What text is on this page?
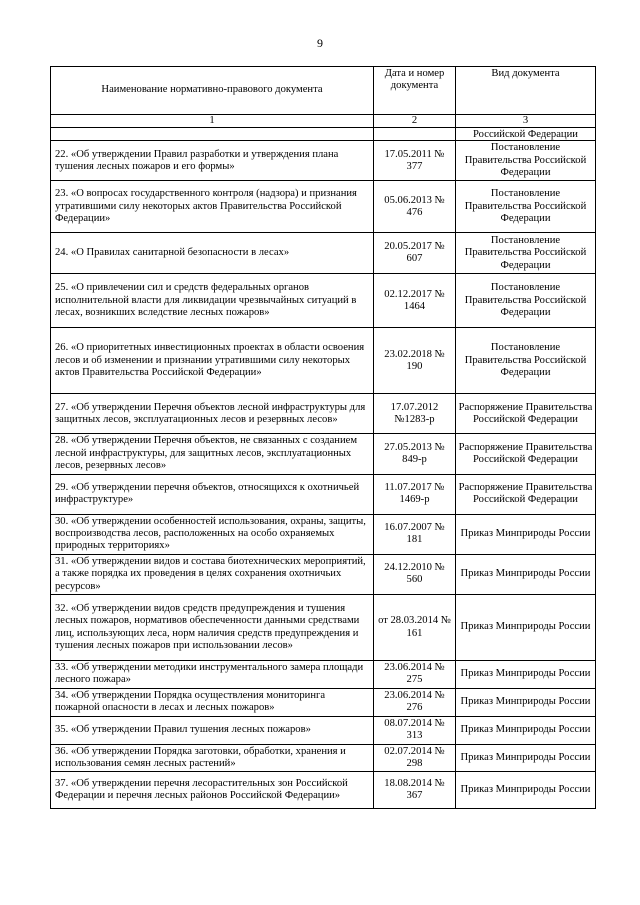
9
Наименование нормативно-правового документа	Дата и номер документа	Вид документа
1	2	3
		Российской Федерации
22. «Об утверждении Правил разработки и утверждения плана тушения лесных пожаров и его формы»	17.05.2011 № 377	Постановление Правительства Российской Федерации
23. «О вопросах государственного контроля (надзора) и признания утратившими силу некоторых актов Правительства Российской Федерации»	05.06.2013 № 476	Постановление Правительства Российской Федерации
24. «О Правилах санитарной безопасности в лесах»	20.05.2017 № 607	Постановление Правительства Российской Федерации
25. «О привлечении сил и средств федеральных органов исполнительной власти для ликвидации чрезвычайных ситуаций в лесах, возникших вследствие лесных пожаров»	02.12.2017 № 1464	Постановление Правительства Российской Федерации
26. «О приоритетных инвестиционных проектах в области освоения лесов и об изменении и признании утратившими силу некоторых актов Правительства Российской Федерации»	23.02.2018 № 190	Постановление Правительства Российской Федерации
27. «Об утверждении Перечня объектов лесной инфраструктуры для защитных лесов, эксплуатационных лесов и резервных лесов»	17.07.2012 №1283-р	Распоряжение Правительства Российской Федерации
28. «Об утверждении Перечня объектов, не связанных с созданием лесной инфраструктуры, для защитных лесов, эксплуатационных лесов, резервных лесов»	27.05.2013 № 849-р	Распоряжение Правительства Российской Федерации
29. «Об утверждении перечня объектов, относящихся к охотничьей инфраструктуре»	11.07.2017 № 1469-р	Распоряжение Правительства Российской Федерации
30. «Об утверждении особенностей использования, охраны, защиты, воспроизводства лесов, расположенных на особо охраняемых природных территориях»	16.07.2007 № 181	Приказ Минприроды России
31. «Об утверждении видов и состава биотехнических мероприятий, а также порядка их проведения в целях сохранения охотничьих ресурсов»	24.12.2010 № 560	Приказ Минприроды России
32. «Об утверждении видов средств предупреждения и тушения лесных пожаров, нормативов обеспеченности данными средствами лиц, использующих леса, норм наличия средств предупреждения и тушения лесных пожаров при использовании лесов»	от 28.03.2014 № 161	Приказ Минприроды России
33. «Об утверждении методики инструментального замера площади лесного пожара»	23.06.2014 № 275	Приказ Минприроды России
34. «Об утверждении Порядка осуществления мониторинга пожарной опасности в лесах и лесных пожаров»	23.06.2014 № 276	Приказ Минприроды России
35. «Об утверждении Правил тушения лесных пожаров»	08.07.2014 № 313	Приказ Минприроды России
36. «Об утверждении Порядка заготовки, обработки, хранения и использования семян лесных растений»	02.07.2014 № 298	Приказ Минприроды России
37. «Об утверждении перечня лесорастительных зон Российской Федерации и перечня лесных районов Российской Федерации»	18.08.2014 № 367	Приказ Минприроды России
